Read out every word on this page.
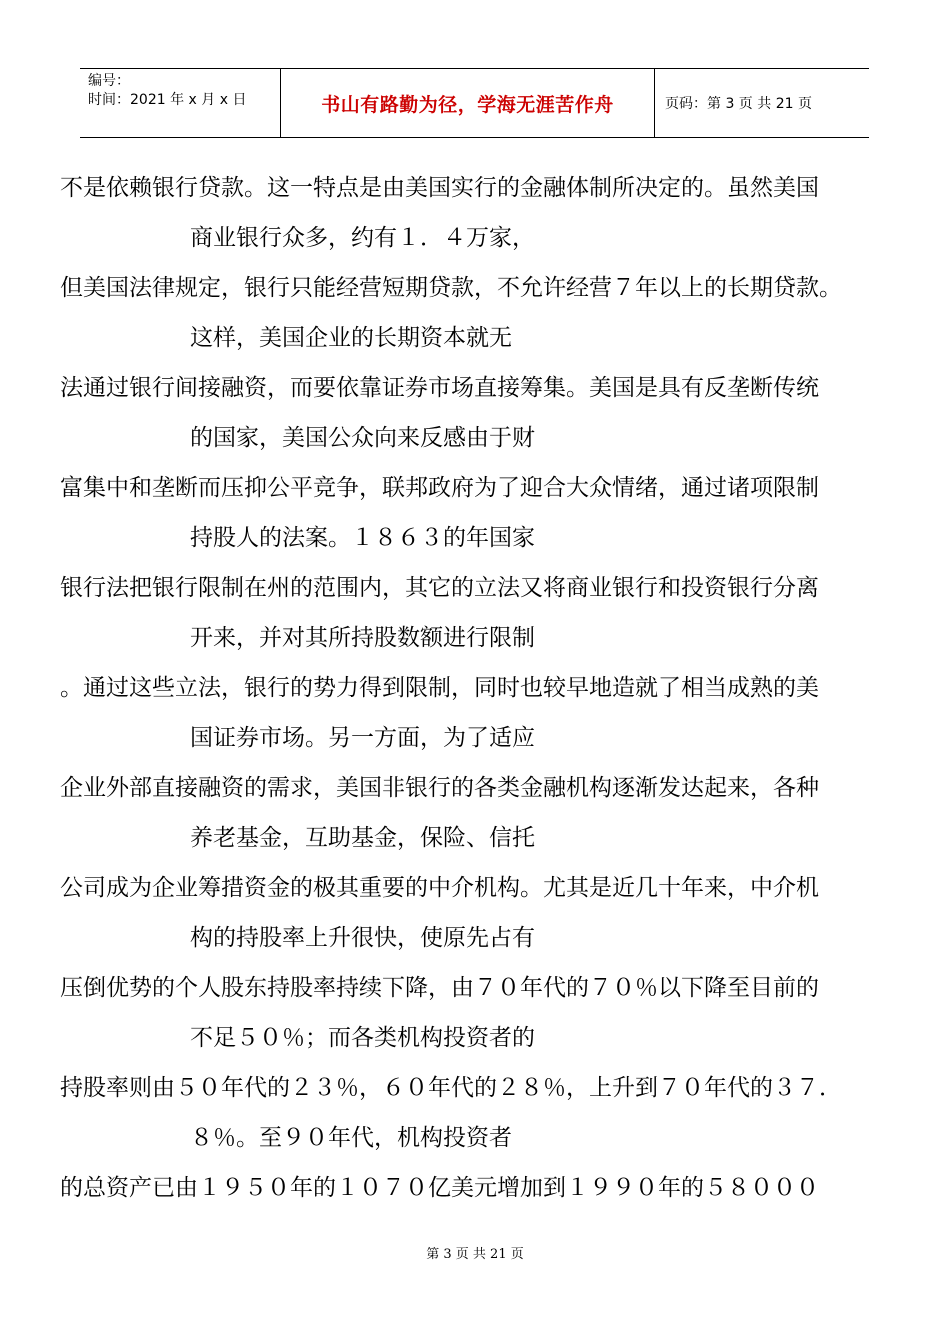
编号：
时间：2021 年 x 月 x 日	书山有路勤为径，学海无涯苦作舟	页码：第 3 页 共 21 页
不是依赖银行贷款。这一特点是由美国实行的金融体制所决定的。虽然美国
商业银行众多，约有１．４万家，
但美国法律规定，银行只能经营短期贷款，不允许经营７年以上的长期贷款。
这样，美国企业的长期资本就无
法通过银行间接融资，而要依靠证券市场直接筹集。美国是具有反垄断传统
的国家，美国公众向来反感由于财
富集中和垄断而压抑公平竞争，联邦政府为了迎合大众情绪，通过诸项限制
持股人的法案。１８６３的年国家
银行法把银行限制在州的范围内，其它的立法又将商业银行和投资银行分离
开来，并对其所持股数额进行限制
。通过这些立法，银行的势力得到限制，同时也较早地造就了相当成熟的美
国证券市场。另一方面，为了适应
企业外部直接融资的需求，美国非银行的各类金融机构逐渐发达起来，各种
养老基金，互助基金，保险、信托
公司成为企业筹措资金的极其重要的中介机构。尤其是近几十年来，中介机
构的持股率上升很快，使原先占有
压倒优势的个人股东持股率持续下降，由７０年代的７０％以下降至目前的
不足５０％；而各类机构投资者的
持股率则由５０年代的２３％，６０年代的２８％，上升到７０年代的３７．
８％。至９０年代，机构投资者
的总资产已由１９５０年的１０７０亿美元增加到１９９０年的５８０００
第 3 页 共 21 页
